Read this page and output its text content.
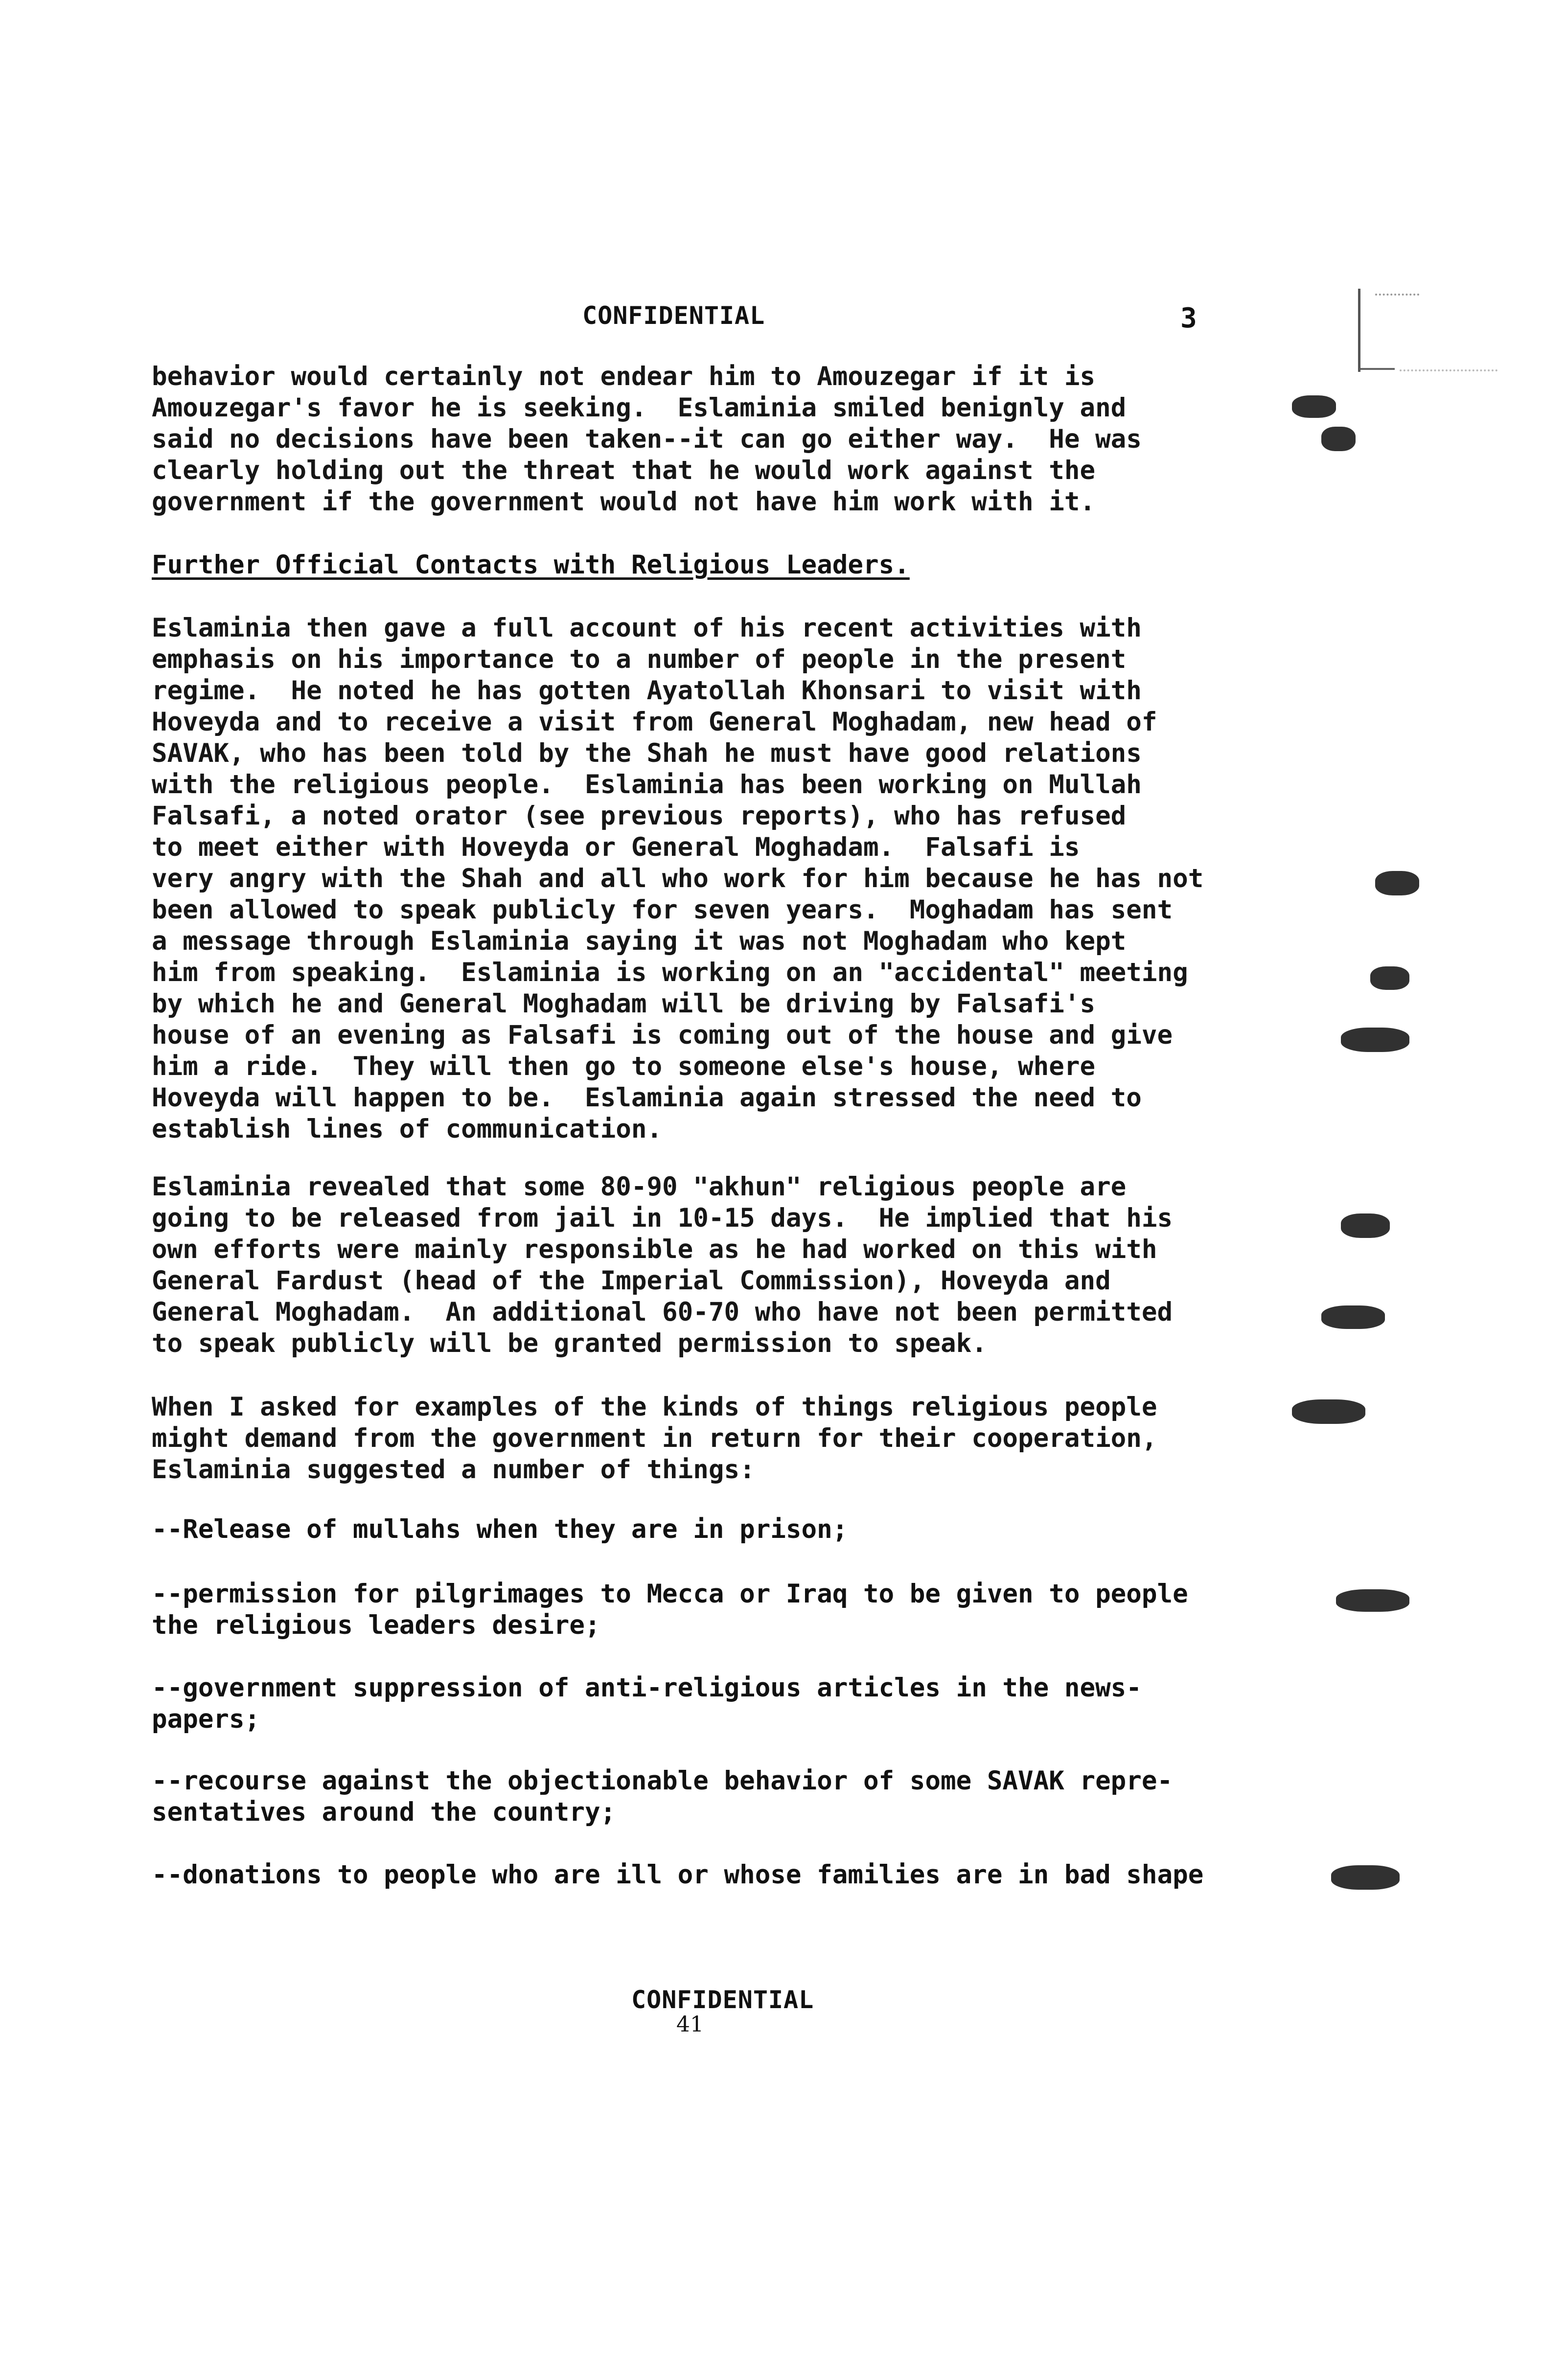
CONFIDENTIAL	3
behavior would certainly not endear him to Amouzegar if it is
Amouzegar's favor he is seeking.  Eslaminia smiled benignly and
said no decisions have been taken--it can go either way.  He was
clearly holding out the threat that he would work against the
government if the government would not have him work with it.
Further Official Contacts with Religious Leaders.
Eslaminia then gave a full account of his recent activities with
emphasis on his importance to a number of people in the present
regime.  He noted he has gotten Ayatollah Khonsari to visit with
Hoveyda and to receive a visit from General Moghadam, new head of
SAVAK, who has been told by the Shah he must have good relations
with the religious people.  Eslaminia has been working on Mullah
Falsafi, a noted orator (see previous reports), who has refused
to meet either with Hoveyda or General Moghadam.  Falsafi is
very angry with the Shah and all who work for him because he has not
been allowed to speak publicly for seven years.  Moghadam has sent
a message through Eslaminia saying it was not Moghadam who kept
him from speaking.  Eslaminia is working on an "accidental" meeting
by which he and General Moghadam will be driving by Falsafi's
house of an evening as Falsafi is coming out of the house and give
him a ride.  They will then go to someone else's house, where
Hoveyda will happen to be.  Eslaminia again stressed the need to
establish lines of communication.
Eslaminia revealed that some 80-90 "akhun" religious people are
going to be released from jail in 10-15 days.  He implied that his
own efforts were mainly responsible as he had worked on this with
General Fardust (head of the Imperial Commission), Hoveyda and
General Moghadam.  An additional 60-70 who have not been permitted
to speak publicly will be granted permission to speak.
When I asked for examples of the kinds of things religious people
might demand from the government in return for their cooperation,
Eslaminia suggested a number of things:
--Release of mullahs when they are in prison;
--permission for pilgrimages to Mecca or Iraq to be given to people
the religious leaders desire;
--government suppression of anti-religious articles in the news-
papers;
--recourse against the objectionable behavior of some SAVAK repre-
sentatives around the country;
--donations to people who are ill or whose families are in bad shape
CONFIDENTIAL
41
